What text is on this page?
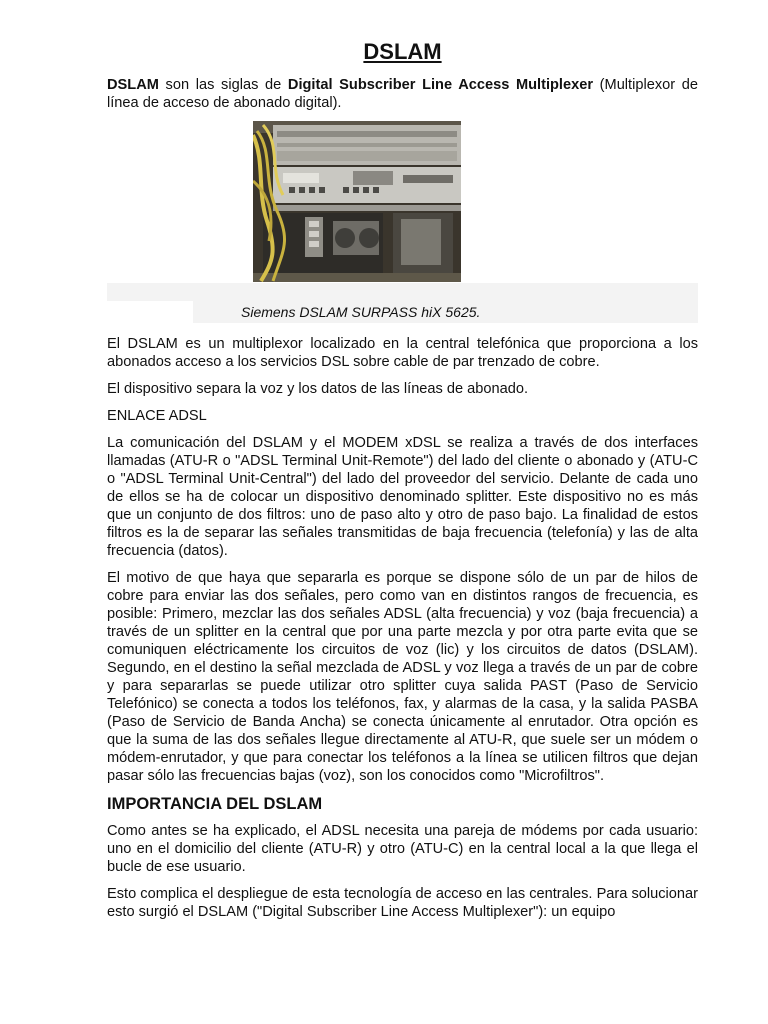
DSLAM

DSLAM son las siglas de Digital Subscriber Line Access Multiplexer (Multiplexor de línea de acceso de abonado digital).

Siemens DSLAM SURPASS hiX 5625.

El DSLAM es un multiplexor localizado en la central telefónica que proporciona a los abonados acceso a los servicios DSL sobre cable de par trenzado de cobre.

El dispositivo separa la voz y los datos de las líneas de abonado.

ENLACE ADSL

La comunicación del DSLAM y el MODEM xDSL se realiza a través de dos interfaces llamadas (ATU-R o "ADSL Terminal Unit-Remote") del lado del cliente o abonado y (ATU-C o "ADSL Terminal Unit-Central") del lado del proveedor del servicio. Delante de cada uno de ellos se ha de colocar un dispositivo denominado splitter. Este dispositivo no es más que un conjunto de dos filtros: uno de paso alto y otro de paso bajo. La finalidad de estos filtros es la de separar las señales transmitidas de baja frecuencia (telefonía) y las de alta frecuencia (datos).

El motivo de que haya que separarla es porque se dispone sólo de un par de hilos de cobre para enviar las dos señales, pero como van en distintos rangos de frecuencia, es posible: Primero, mezclar las dos señales ADSL (alta frecuencia) y voz (baja frecuencia) a través de un splitter en la central que por una parte mezcla y por otra parte evita que se comuniquen eléctricamente los circuitos de voz (lic) y los circuitos de datos (DSLAM). Segundo, en el destino la señal mezclada de ADSL y voz llega a través de un par de cobre y para separarlas se puede utilizar otro splitter cuya salida PAST (Paso de Servicio Telefónico) se conecta a todos los teléfonos, fax, y alarmas de la casa, y la salida PASBA (Paso de Servicio de Banda Ancha) se conecta únicamente al enrutador. Otra opción es que la suma de las dos señales llegue directamente al ATU-R, que suele ser un módem o módem-enrutador, y que para conectar los teléfonos a la línea se utilicen filtros que dejan pasar sólo las frecuencias bajas (voz), son los conocidos como "Microfiltros".

IMPORTANCIA DEL DSLAM

Como antes se ha explicado, el ADSL necesita una pareja de módems por cada usuario: uno en el domicilio del cliente (ATU-R) y otro (ATU-C) en la central local a la que llega el bucle de ese usuario.

Esto complica el despliegue de esta tecnología de acceso en las centrales. Para solucionar esto surgió el DSLAM ("Digital Subscriber Line Access Multiplexer"): un equipo
